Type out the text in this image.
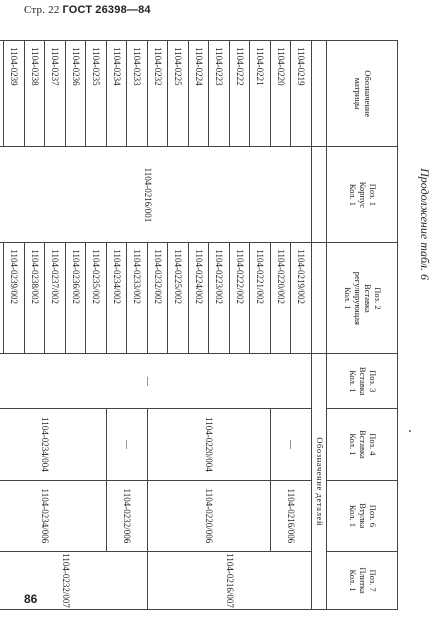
Стр. 22 ГОСТ 26398—84
Продолжение табл. 6
Обозначение
матрицы	Поз. 1
Корпус
Кол. 1	Поз. 2
Вставка
регулирующая
Кол. 1	Поз. 3
Вставка
Кол. 1	Поз. 4
Вставка
Кол. 1	Поз. 6
Втулка
Кол. 1	Поз. 7
Плитка
Кол. 1

			Обозначение деталей			
1104-0219	1104-0216/001	1104-0219/002	—	—	1104-0216/006	1104-0216/007
1104-0220		1104-0220/002				
1104-0221		1104-0221/002		1104-0220/004	1104-0220/006	
1104-0222		1104-0222/002				
1104-0223		1104-0223/002				
1104-0224		1104-0224/002				
1104-0225		1104-0225/002				
1104-0232		1104-0232/002				
1104-0233		1104-0233/002		—	1104-0232/006	1104-0232/007
1104-0234		1104-0234/002				
1104-0235		1104-0235/002		1104-0234/004	1104-0234/006	
1104-0236		1104-0236/002				
1104-0237		1104-0237/002				
1104-0238		1104-0238/002				
1104-0239		1104-0239/002				

86
